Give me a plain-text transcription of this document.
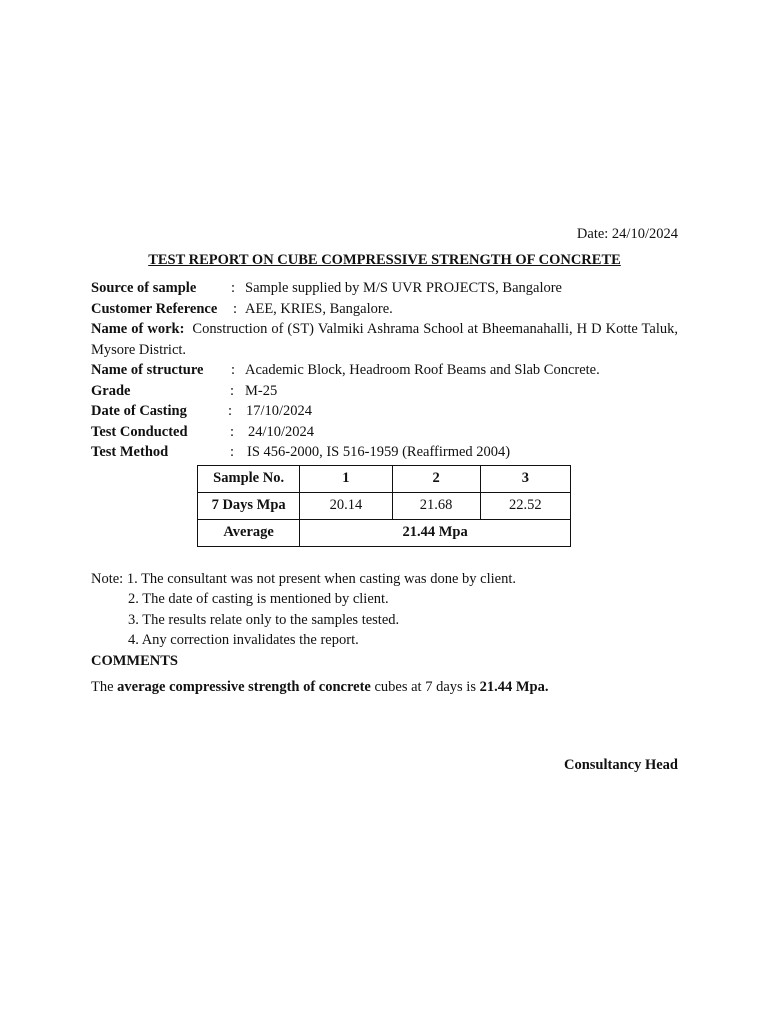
Date: 24/10/2024
TEST REPORT ON CUBE COMPRESSIVE STRENGTH OF CONCRETE
Source of sample : Sample supplied by M/S UVR PROJECTS, Bangalore
Customer Reference : AEE, KRIES, Bangalore.
Name of work: Construction of (ST) Valmiki Ashrama School at Bheemanahalli, H D Kotte Taluk, Mysore District.
Name of structure : Academic Block, Headroom Roof Beams and Slab Concrete.
Grade	: M-25
Date of Casting	: 17/10/2024
Test Conducted	: 24/10/2024
Test Method	: IS 456-2000, IS 516-1959 (Reaffirmed 2004)
Sample No.	1	2	3
7 Days Mpa	20.14	21.68	22.52
Average	21.44 Mpa		
Note: 1. The consultant was not present when casting was done by client.
2. The date of casting is mentioned by client.
3. The results relate only to the samples tested.
4. Any correction invalidates the report.
COMMENTS
The average compressive strength of concrete cubes at 7 days is 21.44 Mpa.
Consultancy Head
